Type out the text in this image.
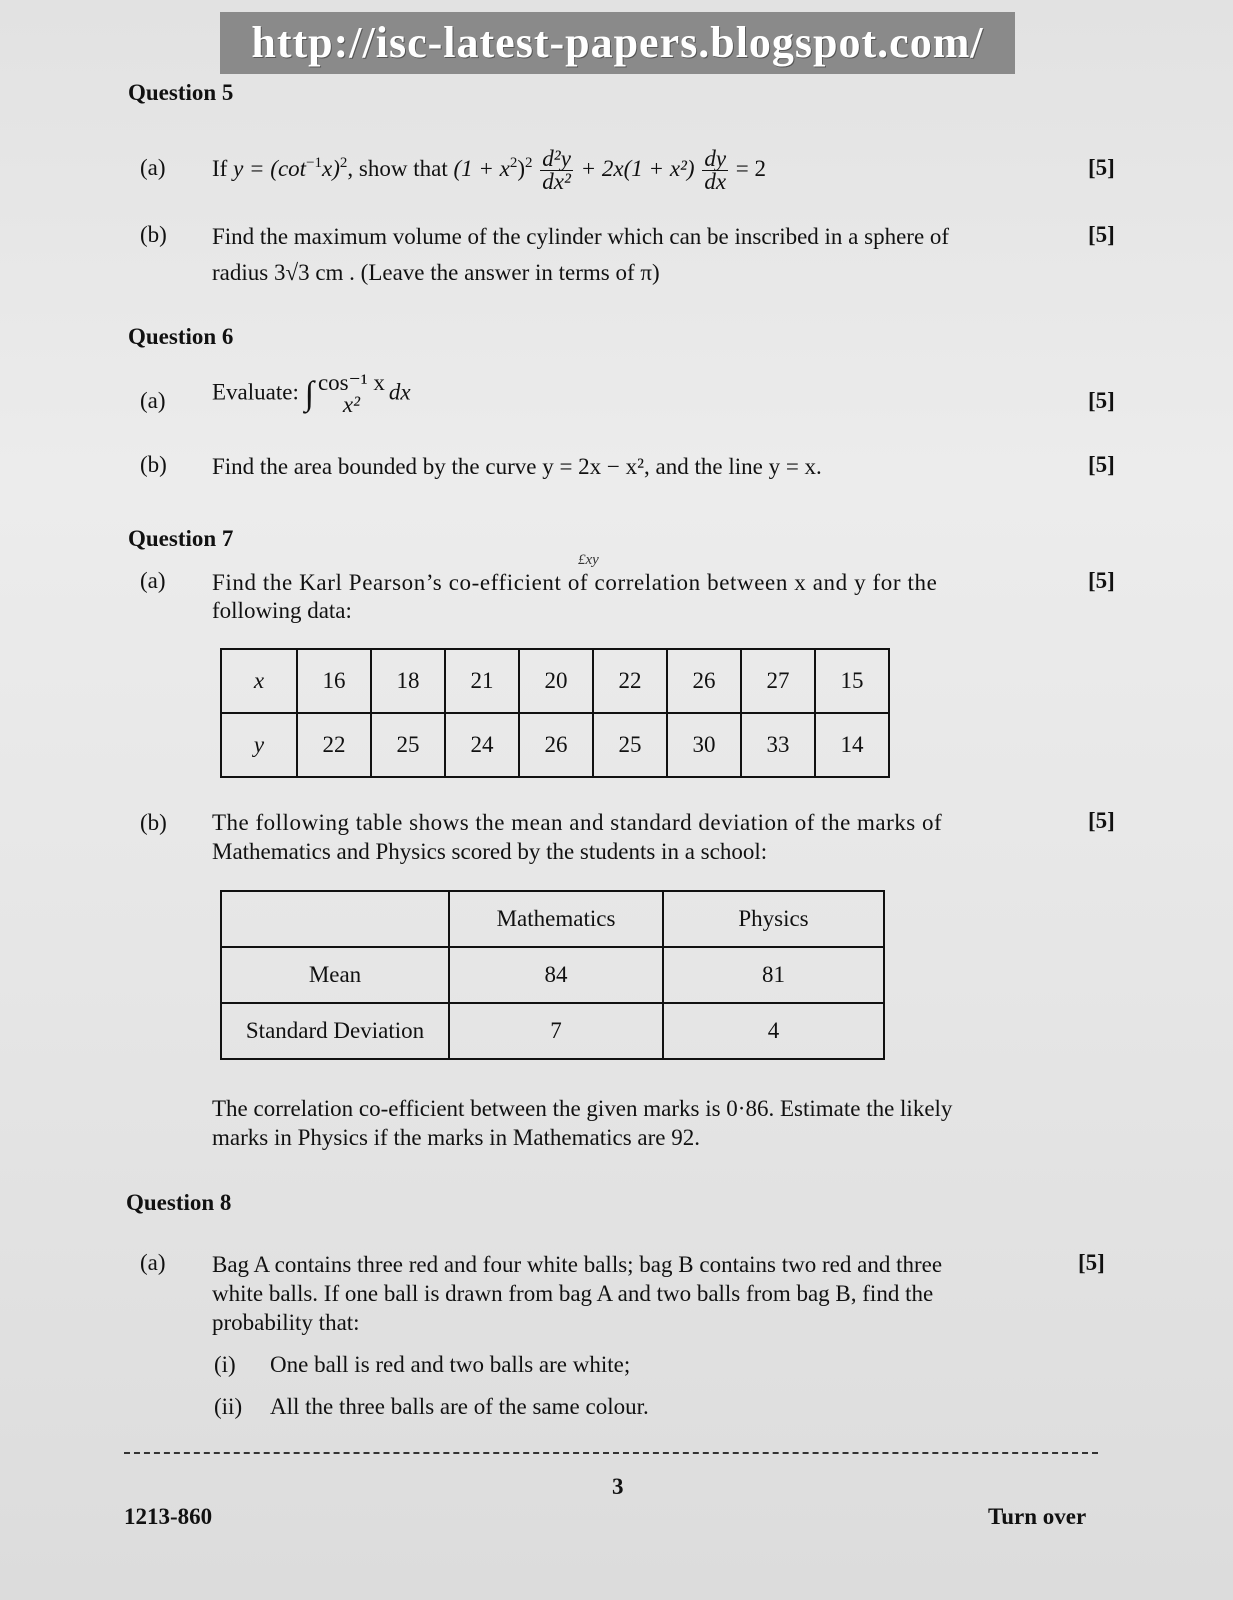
http://isc-latest-papers.blogspot.com/
Question 5
(a) If $y = (\cot^{-1}x)^2$, show that $(1 + x^2)^2 \frac{\text{d²y}}{\text{dx²}} + 2x(1 + x^2) \frac{dy}{dx} = 2$	[5]
(b) Find the maximum volume of the cylinder which can be inscribed in a sphere of
radius 3√3 cm . (Leave the answer in terms of π)
[5]
Question 6
(a) Evaluate: ∫ cos⁻¹ x
x²
dx	[5]
(b) Find the area bounded by the curve y = 2x − x², and the line y = x.	[5]
Question 7
£xy
(a) Find the Karl Pearson’s co-efficient of correlation between x and y for the
following data:
[5]
x	16	18	21	20	22	26	27	15
y	22	25	24	26	25	30	33	14
(b) The following table shows the mean and standard deviation of the marks of
Mathematics and Physics scored by the students in a school:
[5]
	Mathematics	Physics
Mean	84	81
Standard Deviation	7	4
The correlation co-efficient between the given marks is 0·86. Estimate the likely
marks in Physics if the marks in Mathematics are 92.
Question 8
(a) Bag A contains three red and four white balls; bag B contains two red and three
white balls. If one ball is drawn from bag A and two balls from bag B, find the
probability that:
[5]
(i) One ball is red and two balls are white;
(ii) All the three balls are of the same colour.
3
1213-860	Turn over
